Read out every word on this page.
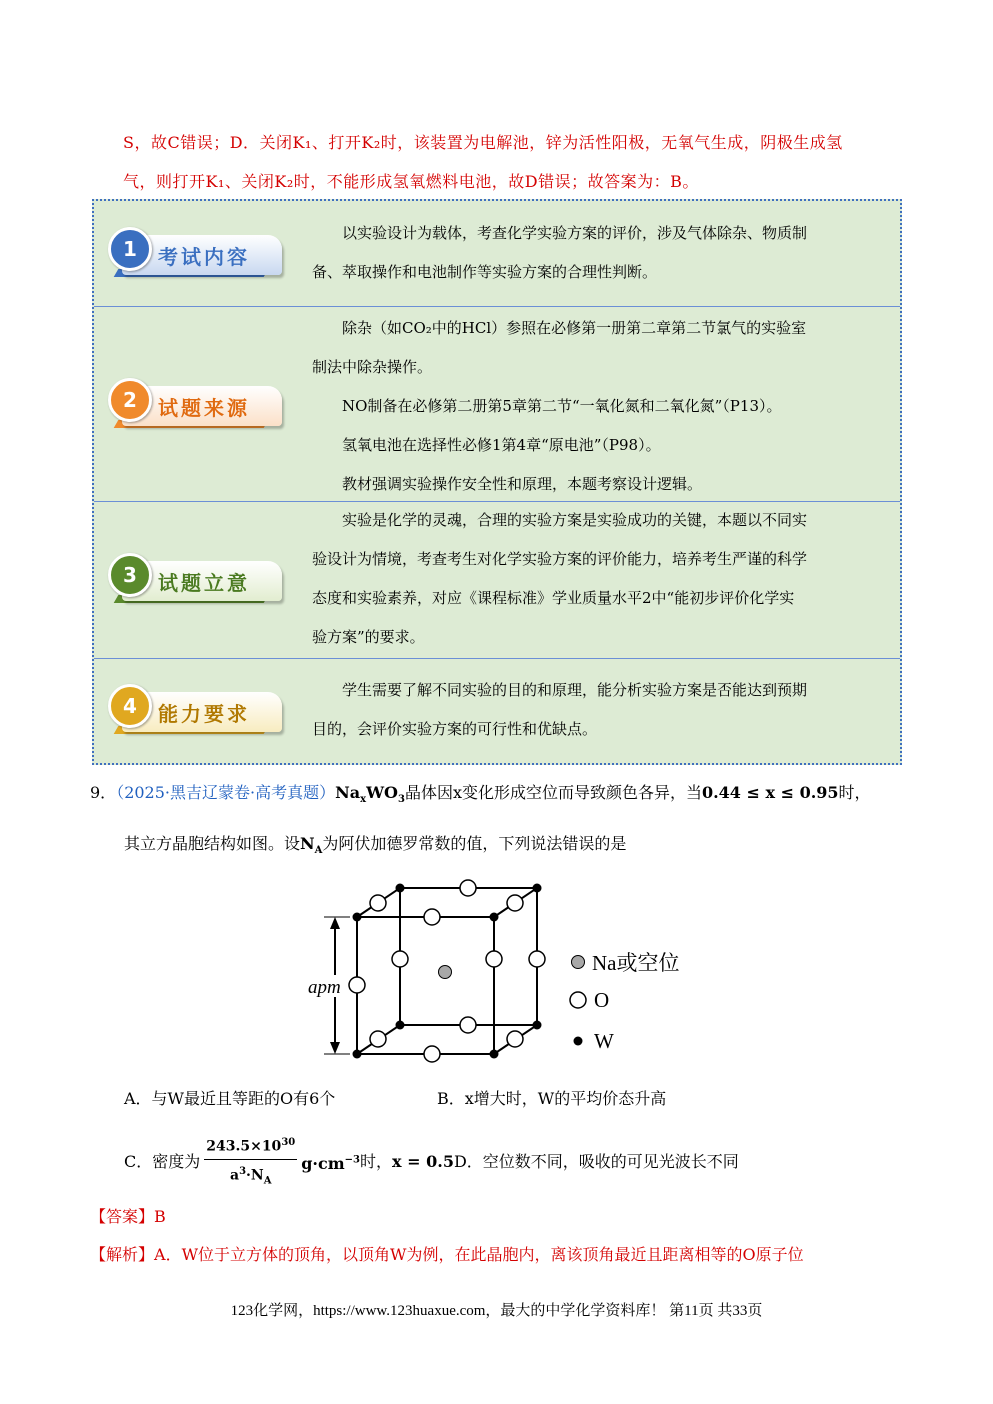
S，故C错误；D．关闭K₁、打开K₂时，该装置为电解池，锌为活性阳极，无氧气生成，阴极生成氢
气，则打开K₁、关闭K₂时，不能形成氢氧燃料电池，故D错误；故答案为：B。
1	考试内容

以实验设计为载体，考查化学实验方案的评价，涉及气体除杂、物质制

备、萃取操作和电池制作等实验方案的合理性判断。

2	试题来源

除杂（如CO₂中的HCl）参照在必修第一册第二章第二节氯气的实验室

制法中除杂操作。

NO制备在必修第二册第5章第二节“一氧化氮和二氧化氮”（P13）。

氢氧电池在选择性必修1第4章“原电池”（P98）。

教材强调实验操作安全性和原理，本题考察设计逻辑。

3	试题立意

实验是化学的灵魂，合理的实验方案是实验成功的关键，本题以不同实

验设计为情境，考查考生对化学实验方案的评价能力，培养考生严谨的科学

态度和实验素养，对应《课程标准》学业质量水平2中“能初步评价化学实

验方案”的要求。

4	能力要求

学生需要了解不同实验的目的和原理，能分析实验方案是否能达到预期

目的，会评价实验方案的可行性和优缺点。

9．（2025·黑吉辽蒙卷·高考真题）$Na_xWO_3$晶体因x变化形成空位而导致颜色各异，当0.44 ≤ x ≤ 0.95时，
其立方晶胞结构如图。设$N_A$为阿伏加德罗常数的值，下列说法错误的是
apm
Na或空位
O
W
A．与W最近且等距的O有6个	B．x增大时，W的平均价态升高
C．密度为 $\frac{243.5\times 10^{30}}{a^3\cdot N_A} g\cdot cm^{-3}$时，x = 0.5D．空位数不同，吸收的可见光波长不同
【答案】B
【解析】A．W位于立方体的顶角，以顶角W为例，在此晶胞内，离该顶角最近且距离相等的O原子位
123化学网，https://www.123huaxue.com，最大的中学化学资料库！ 第11页 共33页
